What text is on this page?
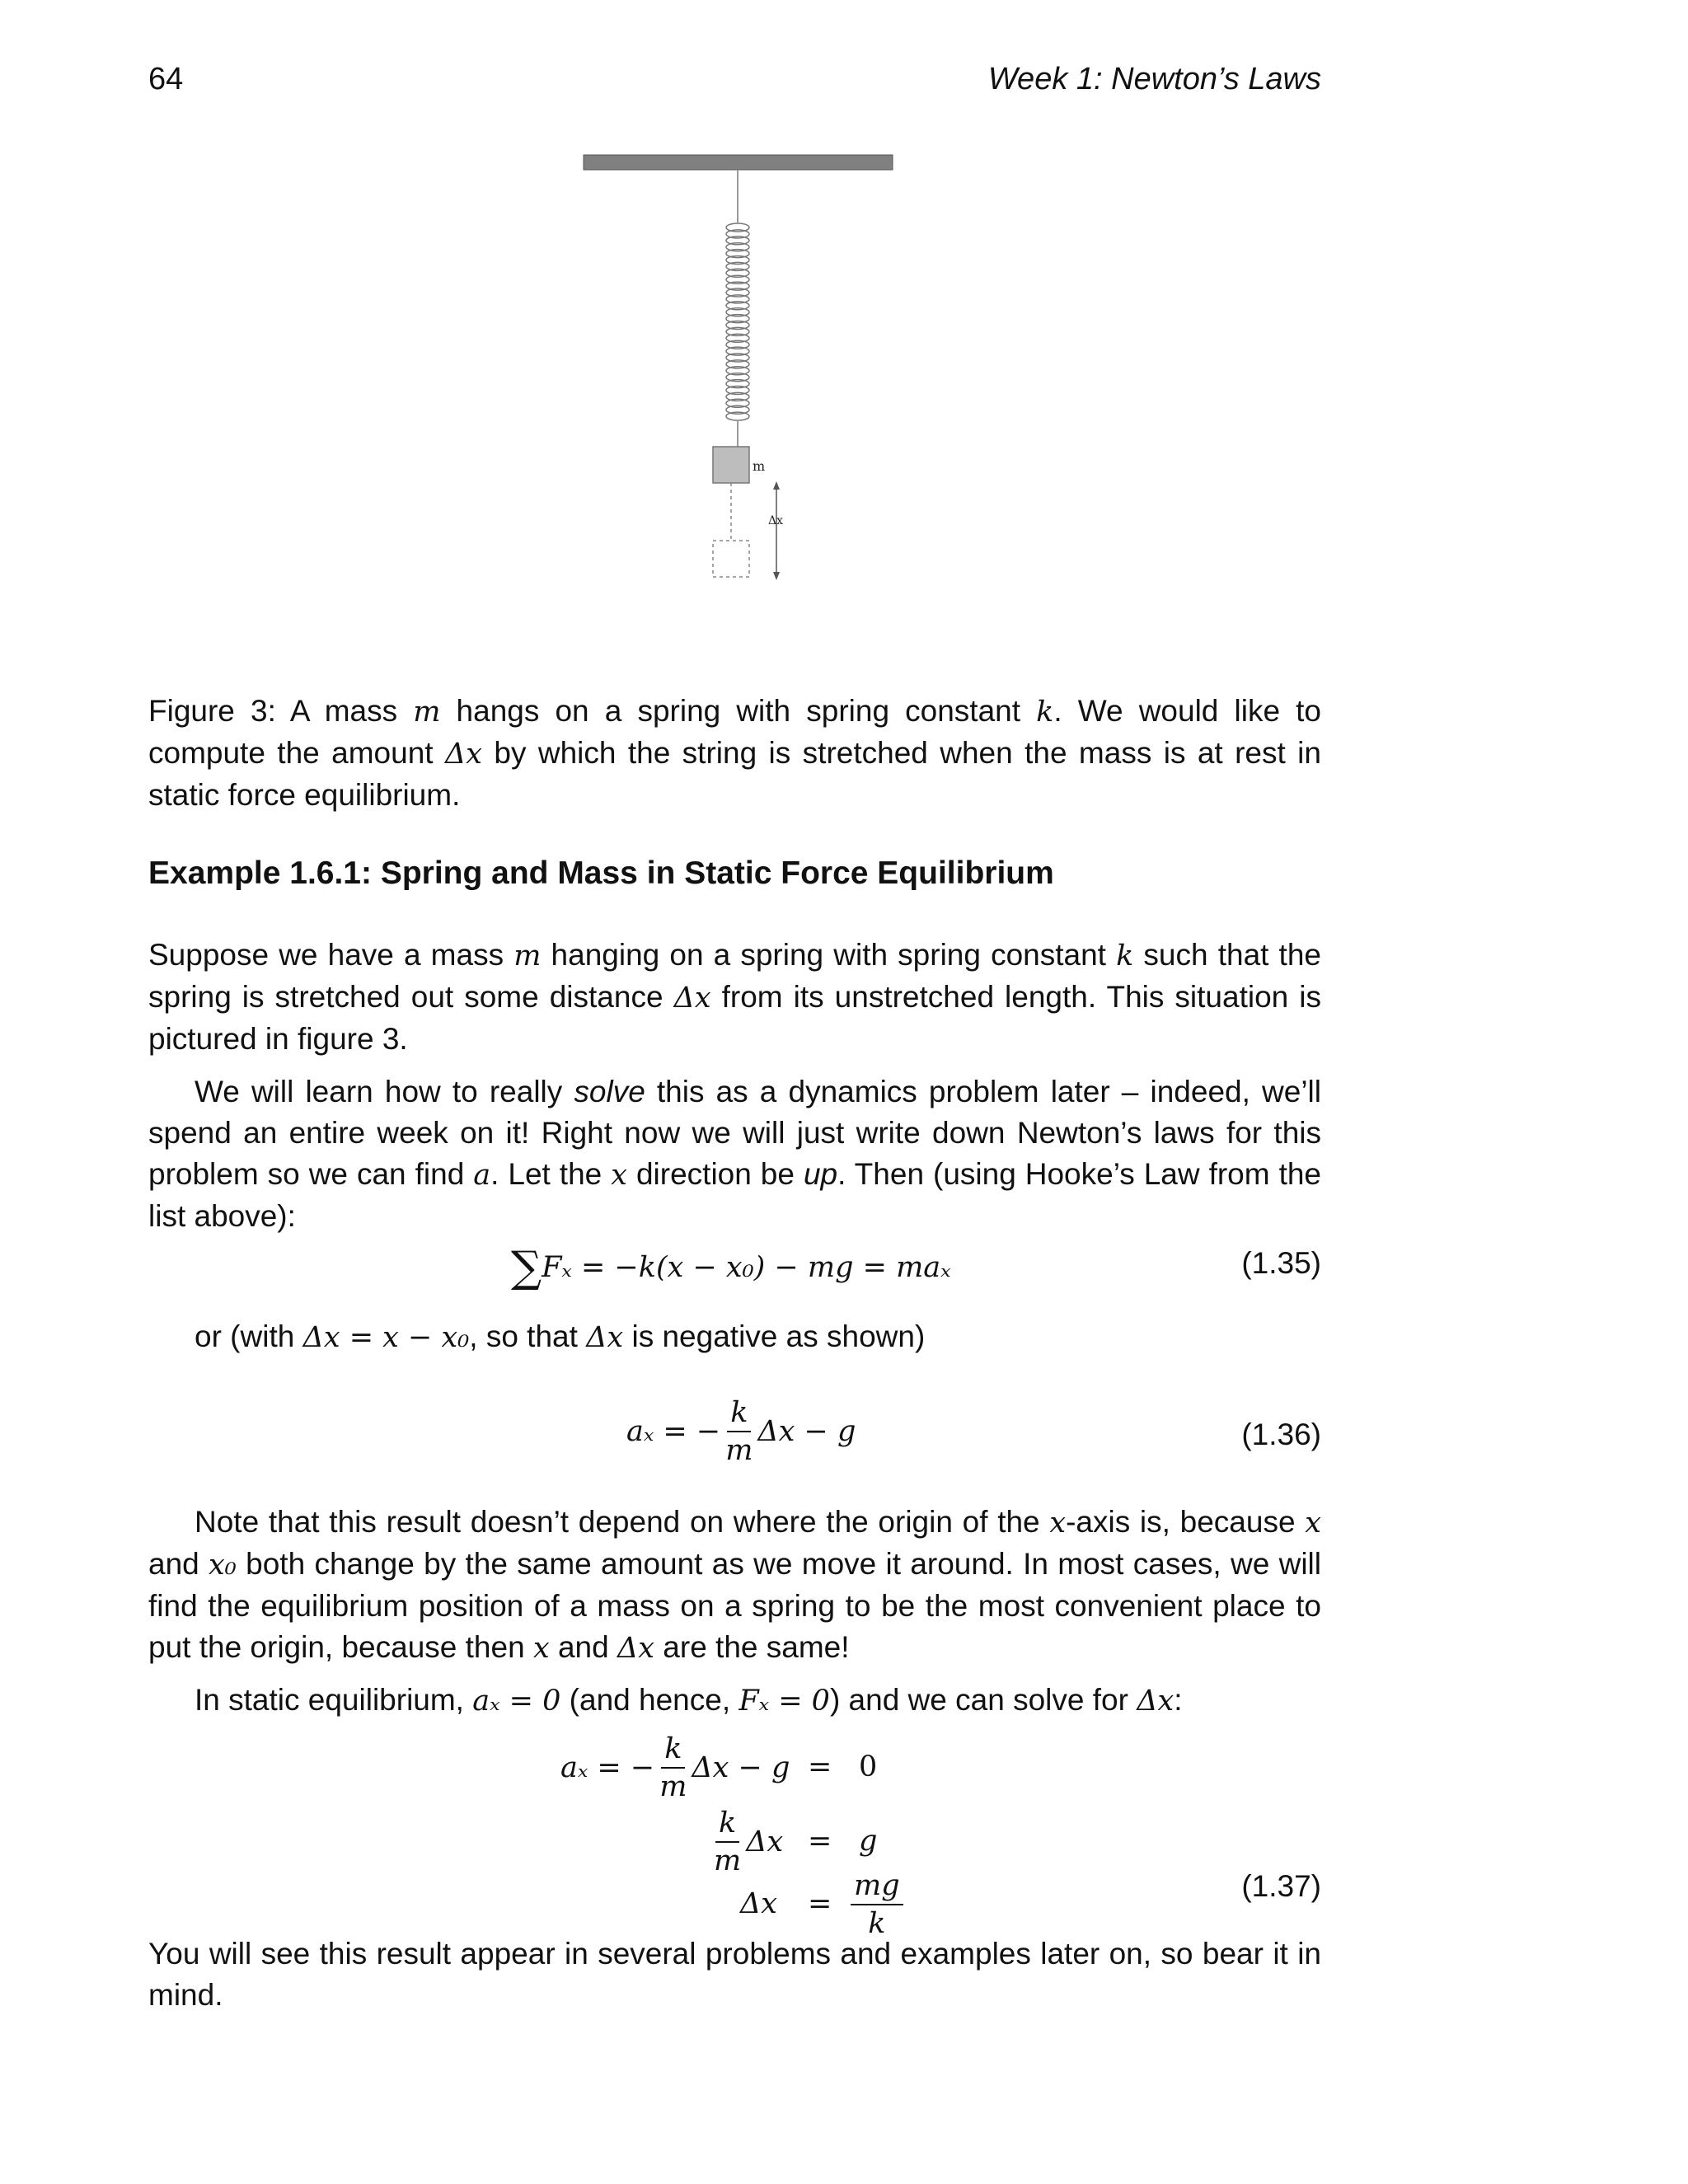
64	Week 1: Newton’s Laws
m
Δx
Figure 3: A mass m hangs on a spring with spring constant k. We would like to compute the amount Δx by which the string is stretched when the mass is at rest in static force equilibrium.
Example 1.6.1: Spring and Mass in Static Force Equilibrium
Suppose we have a mass m hanging on a spring with spring constant k such that the spring is stretched out some distance Δx from its unstretched length. This situation is pictured in figure 3.
We will learn how to really solve this as a dynamics problem later – indeed, we’ll spend an entire week on it! Right now we will just write down Newton’s laws for this problem so we can find a. Let the x direction be up. Then (using Hooke’s Law from the list above):
∑Fₓ = −k(x − x₀) − mg = maₓ	(1.35)
or (with Δx = x − x₀, so that Δx is negative as shown)
aₓ = − $\frac{k}{m}$ Δx − g	(1.36)
Note that this result doesn’t depend on where the origin of the x-axis is, because x and x₀ both change by the same amount as we move it around. In most cases, we will find the equilibrium position of a mass on a spring to be the most convenient place to put the origin, because then x and Δx are the same!
In static equilibrium, aₓ = 0 (and hence, Fₓ = 0) and we can solve for Δx:
aₓ = − $\frac{k}{m}$ Δx − g = 0
$\frac{k}{m}$ Δx = g
$\Delta x = \frac{mg}{k}$	(1.37)
You will see this result appear in several problems and examples later on, so bear it in mind.
